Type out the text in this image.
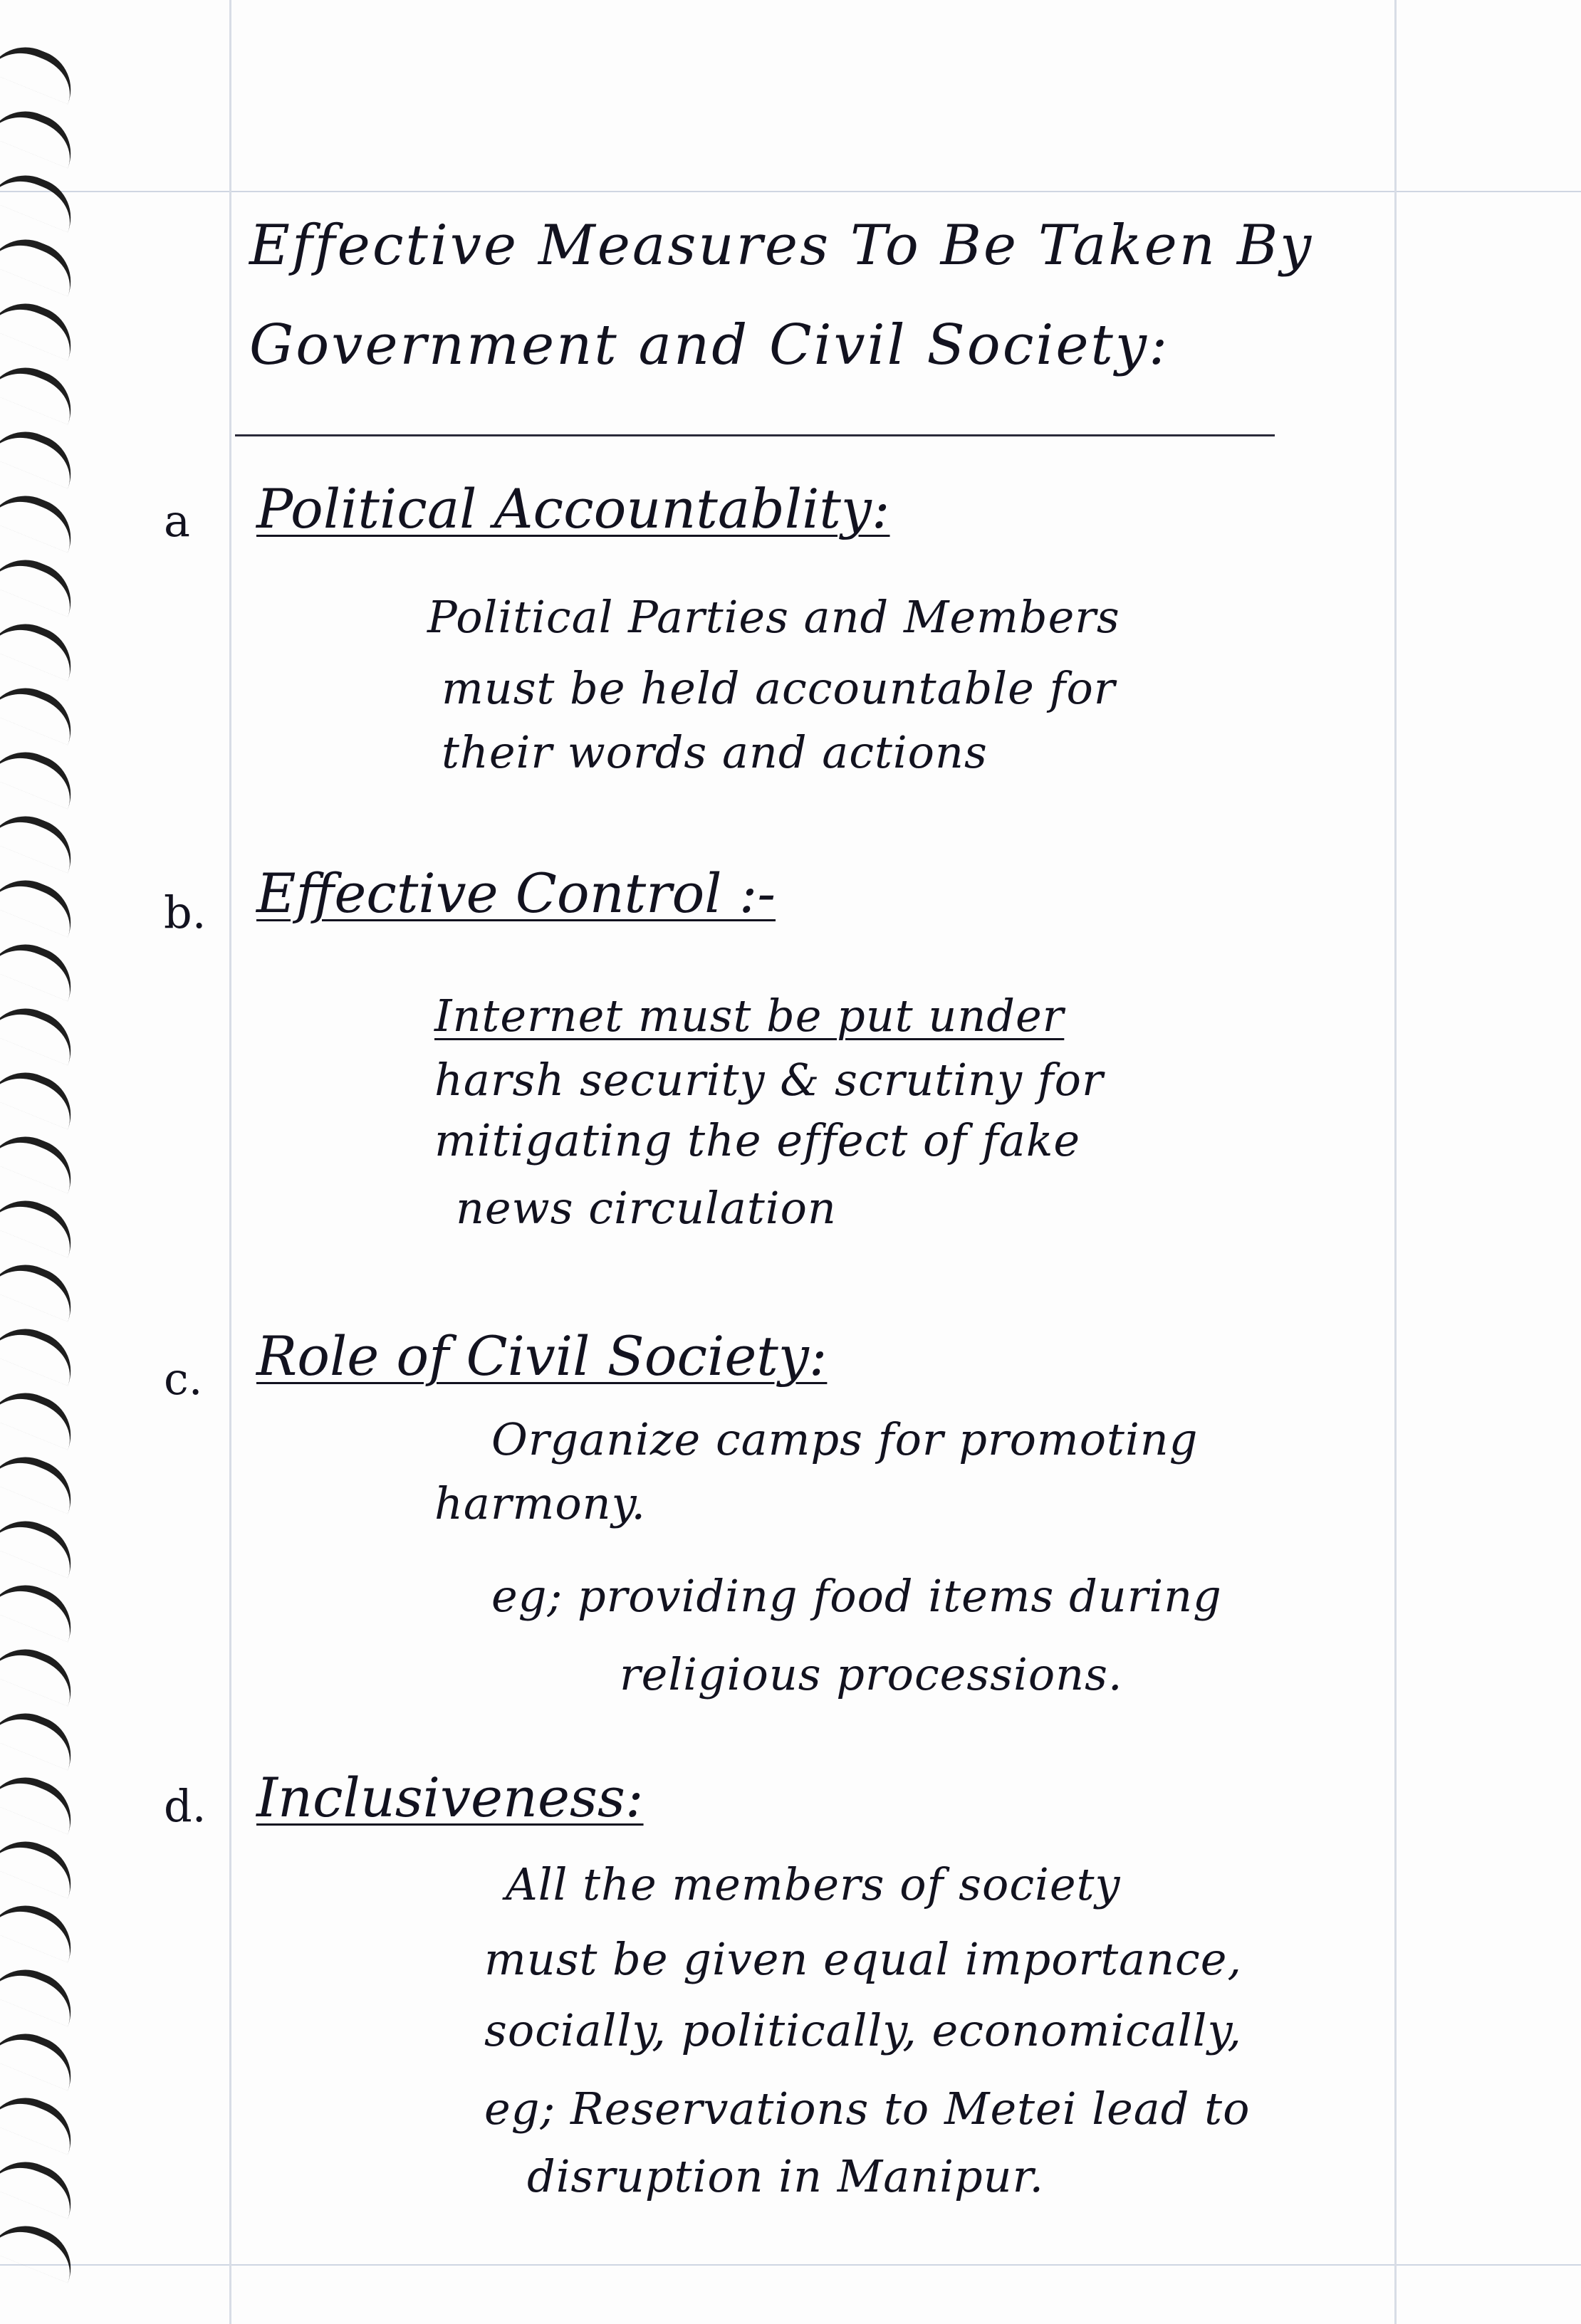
Effective Measures To Be Taken By
Government and Civil Society:
a Political Accountablity:
Political Parties and Members
must be held accountable for
their words and actions
b. Effective Control :-
Internet must be put under
harsh security & scrutiny for
mitigating the effect of fake
news circulation
c. Role of Civil Society:
Organize camps for promoting
harmony.
eg; providing food items during
religious processions.
d. Inclusiveness:
All the members of society
must be given equal importance,
socially, politically, economically,
eg; Reservations to Metei lead to
disruption in Manipur.
